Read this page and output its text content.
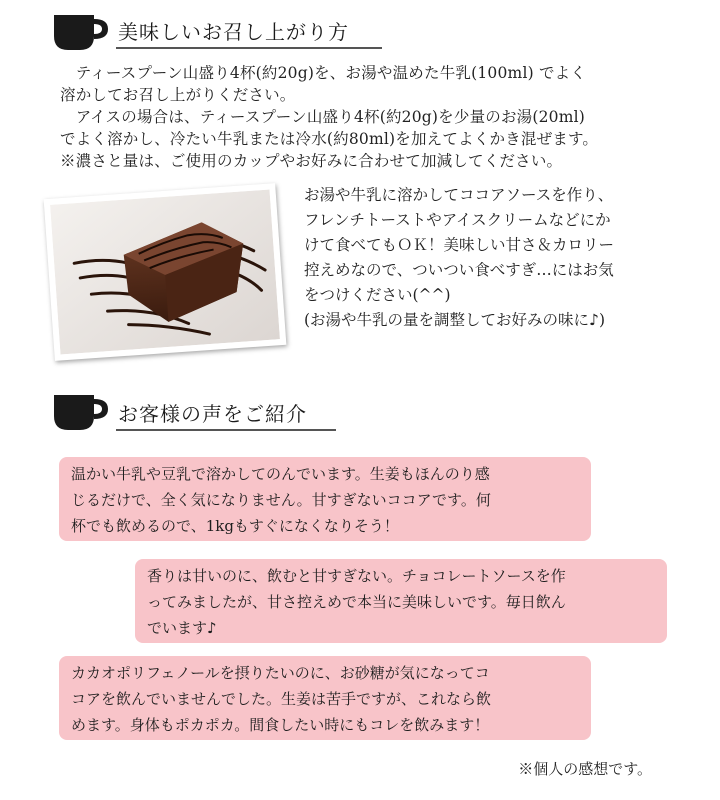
美味しいお召し上がり方
　ティースプーン山盛り4杯(約20g)を、お湯や温めた牛乳(100ml) でよく
溶かしてお召し上がりください。
　アイスの場合は、ティースプーン山盛り4杯(約20g)を少量のお湯(20ml)
でよく溶かし、冷たい牛乳または冷水(約80ml)を加えてよくかき混ぜます。
※濃さと量は、ご使用のカップやお好みに合わせて加減してください。
お湯や牛乳に溶かしてココアソースを作り、
フレンチトーストやアイスクリームなどにか
けて食べてもＯＫ！美味しい甘さ＆カロリー
控えめなので、ついつい食べすぎ…にはお気
をつけください(^^)
(お湯や牛乳の量を調整してお好みの味に♪)
お客様の声をご紹介
温かい牛乳や豆乳で溶かしてのんでいます。生姜もほんのり感
じるだけで、全く気になりません。甘すぎないココアです。何
杯でも飲めるので、1kgもすぐになくなりそう！
香りは甘いのに、飲むと甘すぎない。チョコレートソースを作
ってみましたが、甘さ控えめで本当に美味しいです。毎日飲ん
でいます♪
カカオポリフェノールを摂りたいのに、お砂糖が気になってコ
コアを飲んでいませんでした。生姜は苦手ですが、これなら飲
めます。身体もポカポカ。間食したい時にもコレを飲みます！
※個人の感想です。
